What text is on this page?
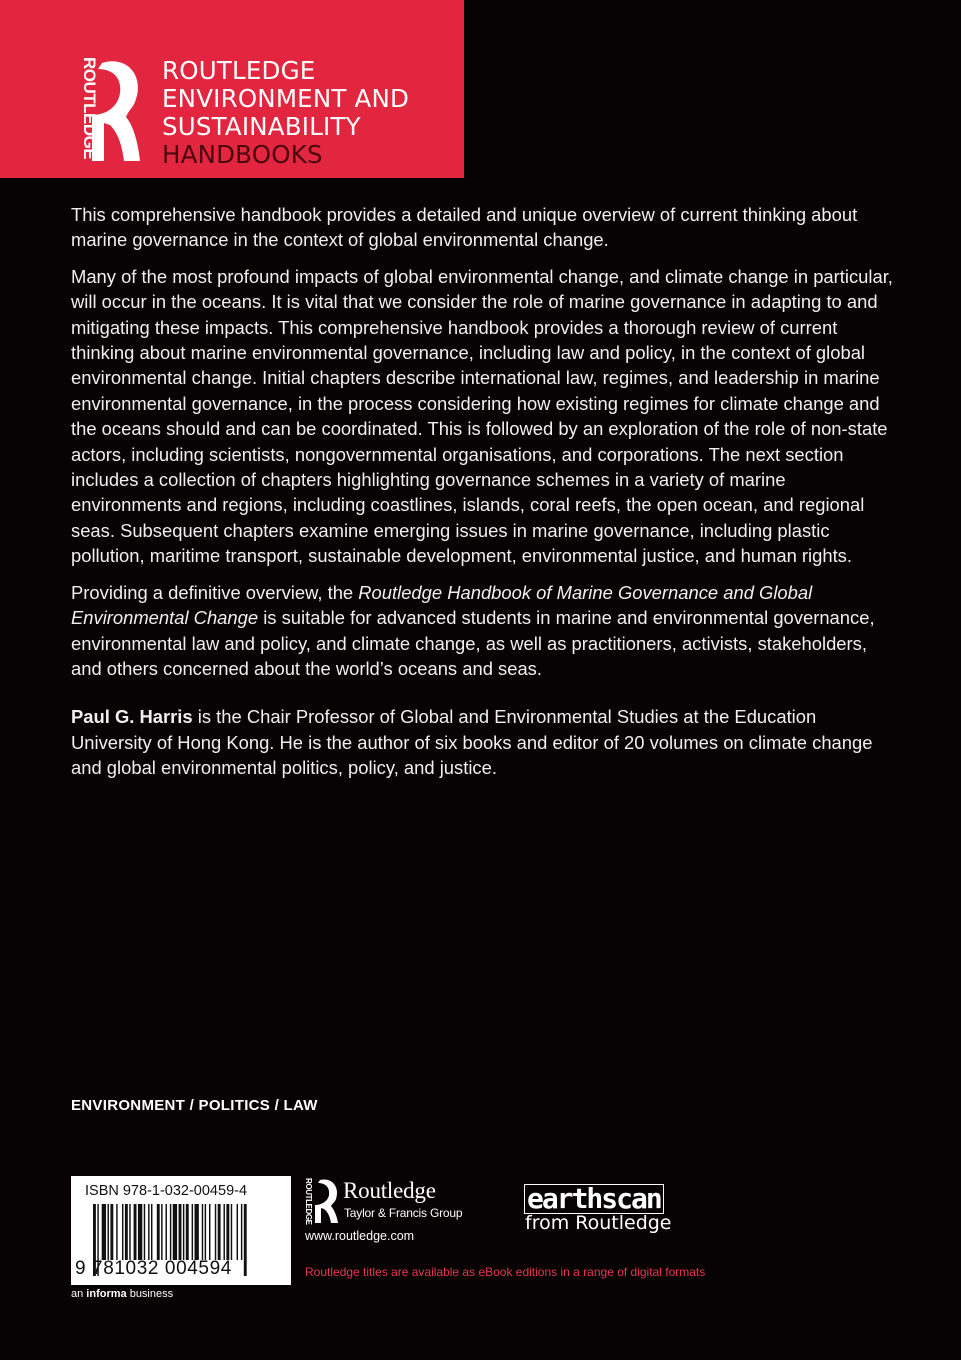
ROUTLEDGE	ROUTLEDGE
ENVIRONMENT AND
SUSTAINABILITY
HANDBOOKS

This comprehensive handbook provides a detailed and unique overview of current thinking about marine governance in the context of global environmental change.

Many of the most profound impacts of global environmental change, and climate change in particular, will occur in the oceans. It is vital that we consider the role of marine governance in adapting to and mitigating these impacts. This comprehensive handbook provides a thorough review of current thinking about marine environmental governance, including law and policy, in the context of global environmental change. Initial chapters describe international law, regimes, and leadership in marine environmental governance, in the process considering how existing regimes for climate change and the oceans should and can be coordinated. This is followed by an exploration of the role of non-state actors, including scientists, nongovernmental organisations, and corporations. The next section includes a collection of chapters highlighting governance schemes in a variety of marine environments and regions, including coastlines, islands, coral reefs, the open ocean, and regional seas. Subsequent chapters examine emerging issues in marine governance, including plastic pollution, maritime transport, sustainable development, environmental justice, and human rights.

Providing a definitive overview, the Routledge Handbook of Marine Governance and Global Environmental Change is suitable for advanced students in marine and environmental governance, environmental law and policy, and climate change, as well as practitioners, activists, stakeholders, and others concerned about the world’s oceans and seas.

Paul G. Harris is the Chair Professor of Global and Environmental Studies at the Education University of Hong Kong. He is the author of six books and editor of 20 volumes on climate change and global environmental politics, policy, and justice.

ENVIRONMENT / POLITICS / LAW
ISBN 978-1-032-00459-4
9 781032 004594
an informa business
ROUTLEDGE Routledge
Taylor & Francis Group
www.routledge.com
Routledge titles are available as eBook editions in a range of digital formats
earthscan
from Routledge
